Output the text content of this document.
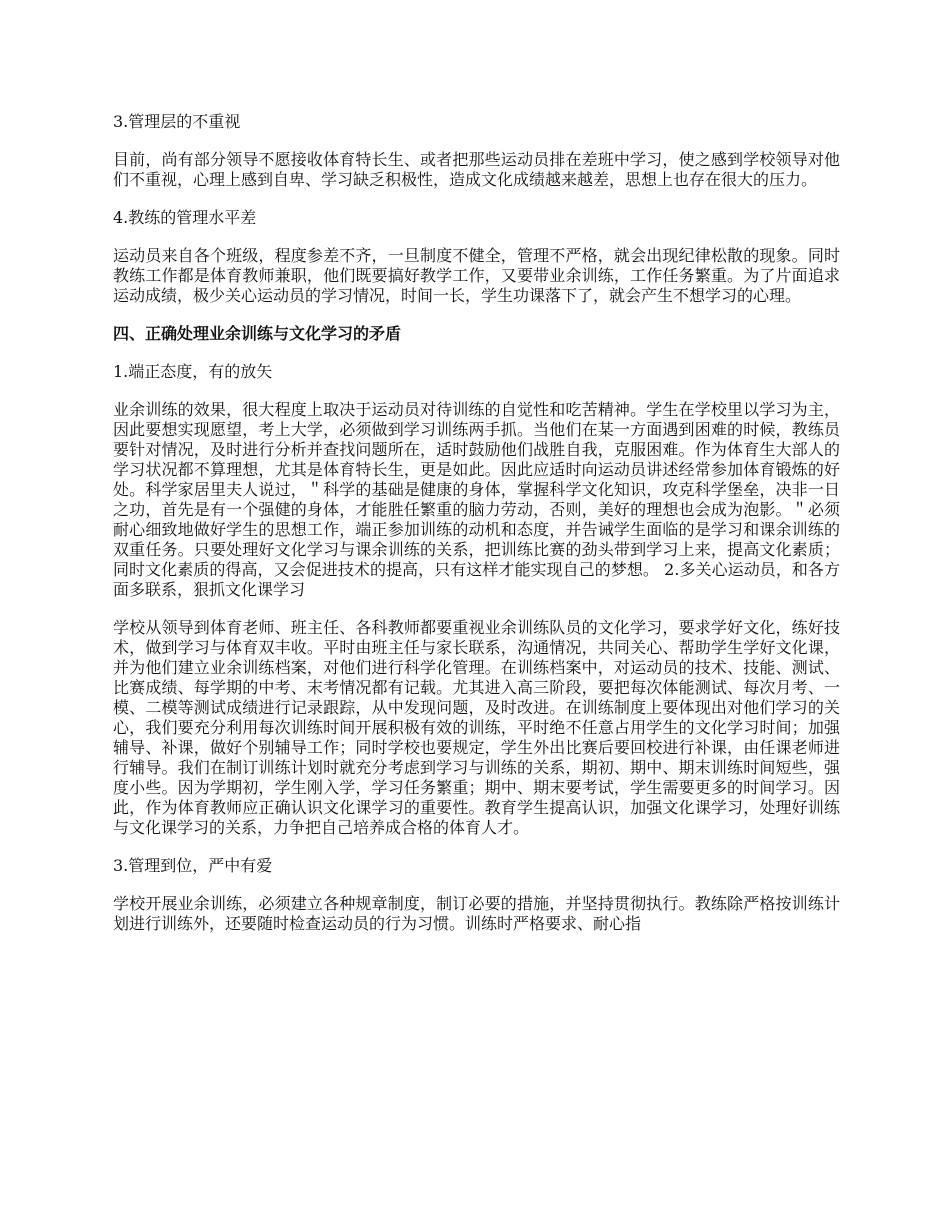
3.管理层的不重视

目前，尚有部分领导不愿接收体育特长生、或者把那些运动员排在差班中学习，使之感到学校领导对他们不重视，心理上感到自卑、学习缺乏积极性，造成文化成绩越来越差，思想上也存在很大的压力。

4.教练的管理水平差

运动员来自各个班级，程度参差不齐，一旦制度不健全，管理不严格，就会出现纪律松散的现象。同时教练工作都是体育教师兼职，他们既要搞好教学工作，又要带业余训练，工作任务繁重。为了片面追求运动成绩，极少关心运动员的学习情况，时间一长，学生功课落下了，就会产生不想学习的心理。

四、正确处理业余训练与文化学习的矛盾

1.端正态度，有的放矢

业余训练的效果，很大程度上取决于运动员对待训练的自觉性和吃苦精神。学生在学校里以学习为主，因此要想实现愿望，考上大学，必须做到学习训练两手抓。当他们在某一方面遇到困难的时候，教练员要针对情况，及时进行分析并查找问题所在，适时鼓励他们战胜自我，克服困难。作为体育生大部人的学习状况都不算理想，尤其是体育特长生，更是如此。因此应适时向运动员讲述经常参加体育锻炼的好处。科学家居里夫人说过，＂科学的基础是健康的身体，掌握科学文化知识，攻克科学堡垒，决非一日之功，首先是有一个强健的身体，才能胜任繁重的脑力劳动，否则，美好的理想也会成为泡影。＂必须耐心细致地做好学生的思想工作，端正参加训练的动机和态度，并告诫学生面临的是学习和课余训练的双重任务。只要处理好文化学习与课余训练的关系，把训练比赛的劲头带到学习上来，提高文化素质；同时文化素质的得高，又会促进技术的提高，只有这样才能实现自己的梦想。 2.多关心运动员，和各方面多联系，狠抓文化课学习

学校从领导到体育老师、班主任、各科教师都要重视业余训练队员的文化学习，要求学好文化，练好技术，做到学习与体育双丰收。平时由班主任与家长联系，沟通情况，共同关心、帮助学生学好文化课，并为他们建立业余训练档案，对他们进行科学化管理。在训练档案中，对运动员的技术、技能、测试、比赛成绩、每学期的中考、末考情况都有记载。尤其进入高三阶段，要把每次体能测试、每次月考、一模、二模等测试成绩进行记录跟踪，从中发现问题，及时改进。在训练制度上要体现出对他们学习的关心，我们要充分利用每次训练时间开展积极有效的训练，平时绝不任意占用学生的文化学习时间；加强辅导、补课，做好个别辅导工作；同时学校也要规定，学生外出比赛后要回校进行补课，由任课老师进行辅导。我们在制订训练计划时就充分考虑到学习与训练的关系，期初、期中、期末训练时间短些，强度小些。因为学期初，学生刚入学，学习任务繁重；期中、期末要考试，学生需要更多的时间学习。因此，作为体育教师应正确认识文化课学习的重要性。教育学生提高认识，加强文化课学习，处理好训练与文化课学习的关系，力争把自己培养成合格的体育人才。

3.管理到位，严中有爱

学校开展业余训练，必须建立各种规章制度，制订必要的措施，并坚持贯彻执行。教练除严格按训练计划进行训练外，还要随时检查运动员的行为习惯。训练时严格要求、耐心指
